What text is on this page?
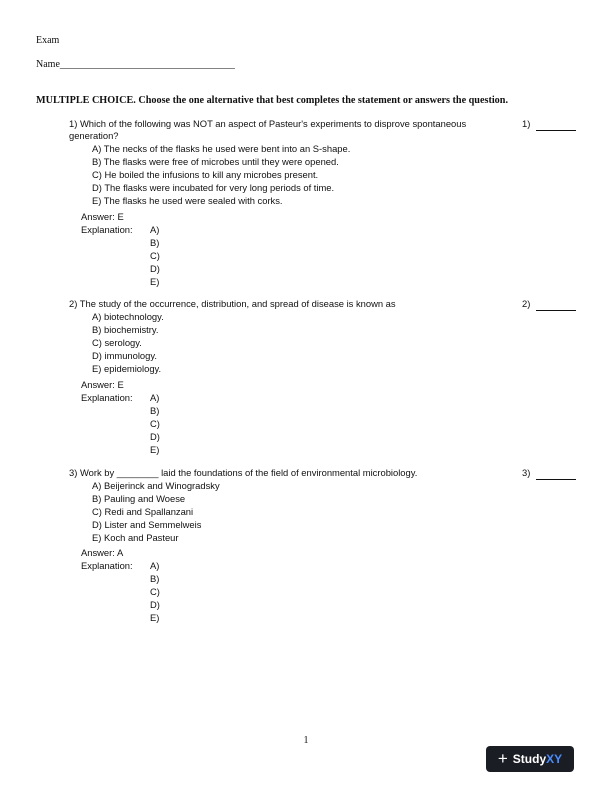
Exam
Name___________________________________
MULTIPLE CHOICE. Choose the one alternative that best completes the statement or answers the question.
1) Which of the following was NOT an aspect of Pasteur's experiments to disprove spontaneous generation?
A) The necks of the flasks he used were bent into an S-shape.
B) The flasks were free of microbes until they were opened.
C) He boiled the infusions to kill any microbes present.
D) The flasks were incubated for very long periods of time.
E) The flasks he used were sealed with corks.
Answer: E
Explanation: A)
B)
C)
D)
E)
1)
2) The study of the occurrence, distribution, and spread of disease is known as
A) biotechnology.
B) biochemistry.
C) serology.
D) immunology.
E) epidemiology.
Answer: E
Explanation: A)
B)
C)
D)
E)
2)
3) Work by ________ laid the foundations of the field of environmental microbiology.
A) Beijerinck and Winogradsky
B) Pauling and Woese
C) Redi and Spallanzani
D) Lister and Semmelweis
E) Koch and Pasteur
Answer: A
Explanation: A)
B)
C)
D)
E)
3)
1
+ Study XY
